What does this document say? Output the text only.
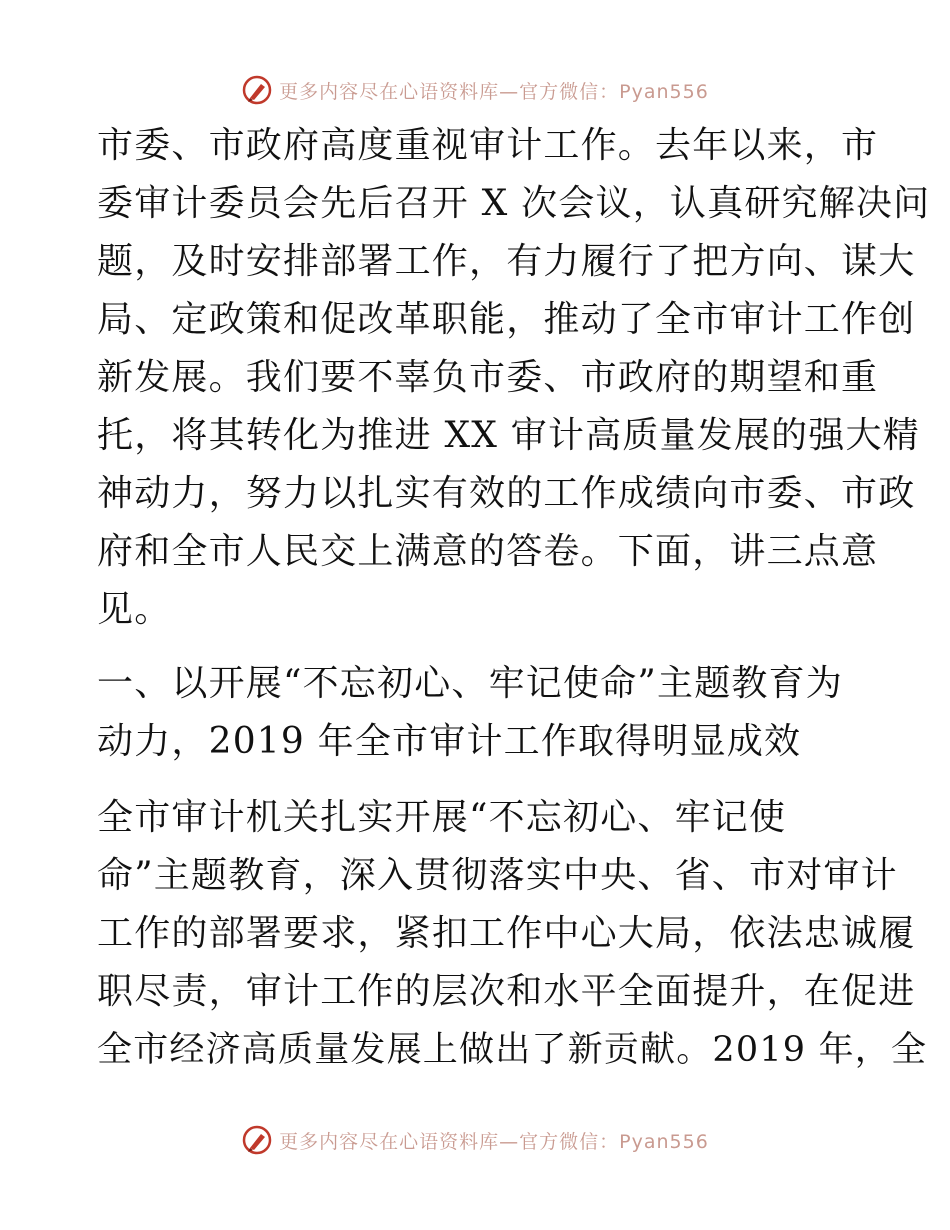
更多内容尽在心语资料库—官方微信：Pyan556
市委、市政府高度重视审计工作。去年以来，市
委审计委员会先后召开 X 次会议，认真研究解决问
题，及时安排部署工作，有力履行了把方向、谋大
局、定政策和促改革职能，推动了全市审计工作创
新发展。我们要不辜负市委、市政府的期望和重
托，将其转化为推进 XX 审计高质量发展的强大精
神动力，努力以扎实有效的工作成绩向市委、市政
府和全市人民交上满意的答卷。下面，讲三点意
见。
一、以开展“不忘初心、牢记使命”主题教育为
动力，2019 年全市审计工作取得明显成效
全市审计机关扎实开展“不忘初心、牢记使
命”主题教育，深入贯彻落实中央、省、市对审计
工作的部署要求，紧扣工作中心大局，依法忠诚履
职尽责，审计工作的层次和水平全面提升，在促进
全市经济高质量发展上做出了新贡献。2019 年，全
更多内容尽在心语资料库—官方微信：Pyan556
